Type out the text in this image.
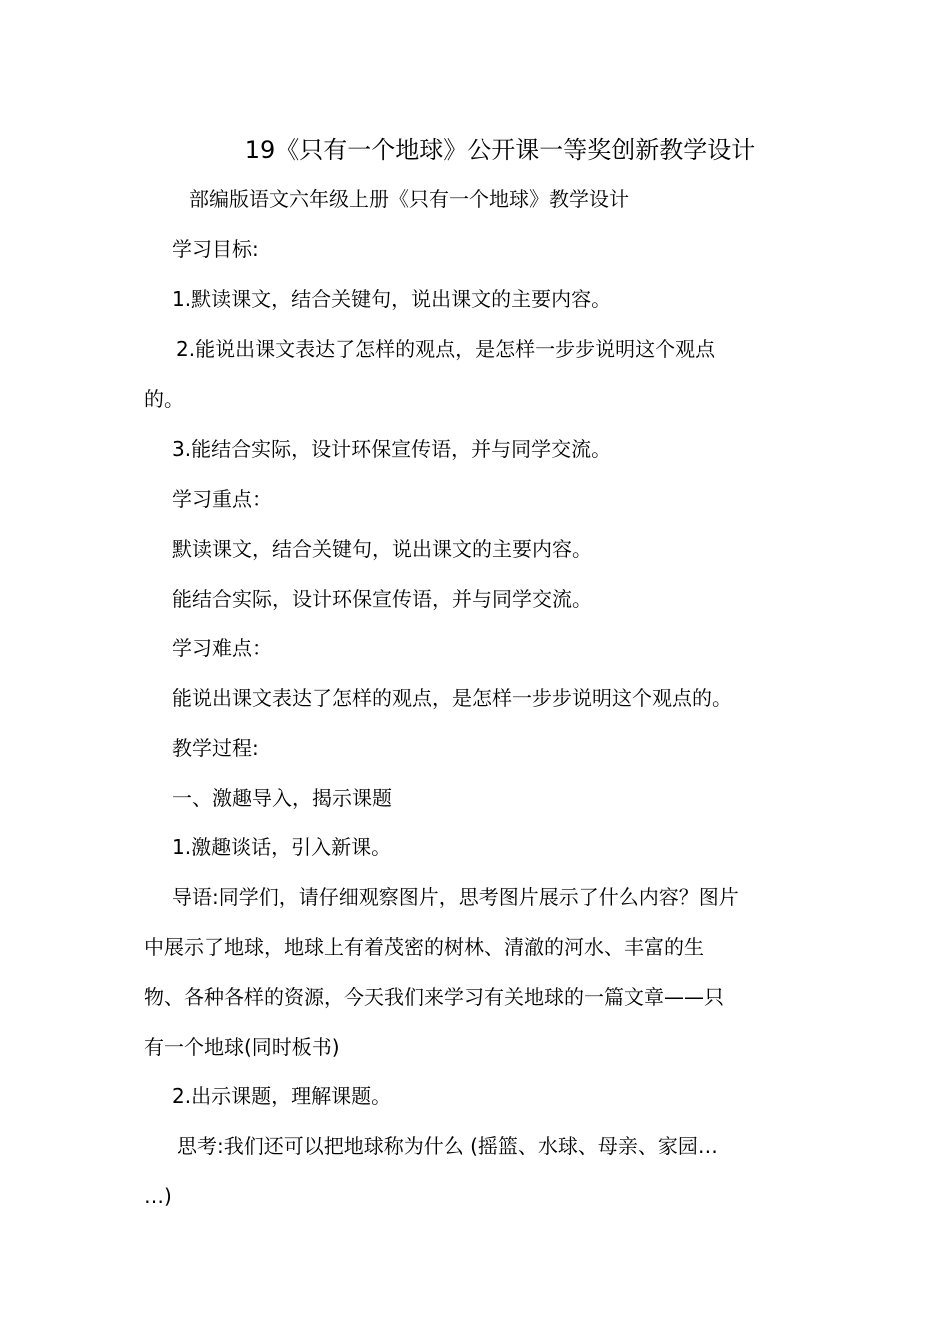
19《只有一个地球》公开课一等奖创新教学设计
部编版语文六年级上册《只有一个地球》教学设计
学习目标:
1.默读课文，结合关键句，说出课文的主要内容。
2.能说出课文表达了怎样的观点，是怎样一步步说明这个观点
的。
3.能结合实际，设计环保宣传语，并与同学交流。
学习重点：
默读课文，结合关键句，说出课文的主要内容。
能结合实际，设计环保宣传语，并与同学交流。
学习难点：
能说出课文表达了怎样的观点，是怎样一步步说明这个观点的。
教学过程:
一、激趣导入，揭示课题
1.激趣谈话，引入新课。
导语:同学们，请仔细观察图片，思考图片展示了什么内容？图片
中展示了地球，地球上有着茂密的树林、清澈的河水、丰富的生
物、各种各样的资源，今天我们来学习有关地球的一篇文章——只
有一个地球(同时板书)
2.出示课题，理解课题。
思考:我们还可以把地球称为什么 (摇篮、水球、母亲、家园…
…)
